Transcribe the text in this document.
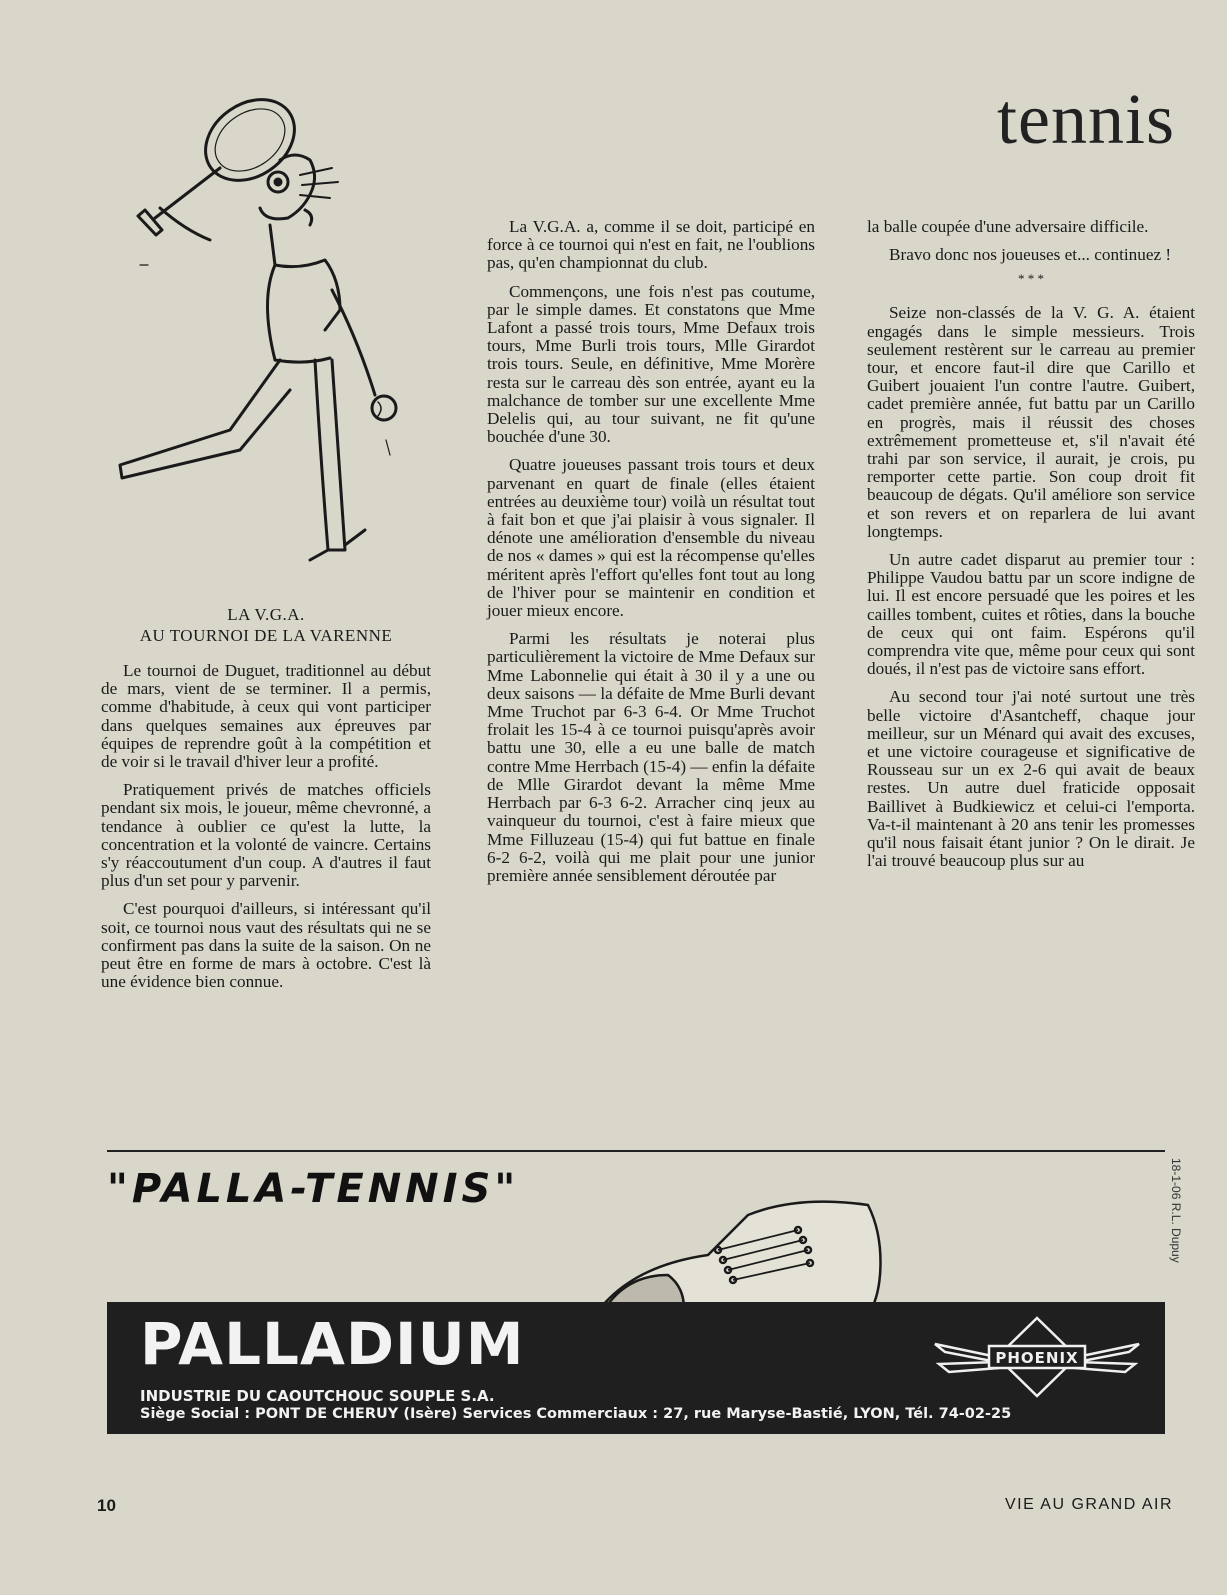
tennis
LA V.G.A.
AU TOURNOI DE LA VARENNE

Le tournoi de Duguet, traditionnel au début de mars, vient de se terminer. Il a permis, comme d'habitude, à ceux qui vont participer dans quelques semaines aux épreuves par équipes de reprendre goût à la compétition et de voir si le travail d'hiver leur a profité.

Pratiquement privés de matches officiels pendant six mois, le joueur, même chevronné, a tendance à oublier ce qu'est la lutte, la concentration et la volonté de vaincre. Certains s'y réaccoutument d'un coup. A d'autres il faut plus d'un set pour y parvenir.

C'est pourquoi d'ailleurs, si intéressant qu'il soit, ce tournoi nous vaut des résultats qui ne se confirment pas dans la suite de la saison. On ne peut être en forme de mars à octobre. C'est là une évidence bien connue.

La V.G.A. a, comme il se doit, participé en force à ce tournoi qui n'est en fait, ne l'oublions pas, qu'en championnat du club.

Commençons, une fois n'est pas coutume, par le simple dames. Et constatons que Mme Lafont a passé trois tours, Mme Defaux trois tours, Mme Burli trois tours, Mlle Girardot trois tours. Seule, en définitive, Mme Morère resta sur le carreau dès son entrée, ayant eu la malchance de tomber sur une excellente Mme Delelis qui, au tour suivant, ne fit qu'une bouchée d'une 30.

Quatre joueuses passant trois tours et deux parvenant en quart de finale (elles étaient entrées au deuxième tour) voilà un résultat tout à fait bon et que j'ai plaisir à vous signaler. Il dénote une amélioration d'ensemble du niveau de nos « dames » qui est la récompense qu'elles méritent après l'effort qu'elles font tout au long de l'hiver pour se maintenir en condition et jouer mieux encore.

Parmi les résultats je noterai plus particulièrement la victoire de Mme Defaux sur Mme Labonnelie qui était à 30 il y a une ou deux saisons — la défaite de Mme Burli devant Mme Truchot par 6-3 6-4. Or Mme Truchot frolait les 15-4 à ce tournoi puisqu'après avoir battu une 30, elle a eu une balle de match contre Mme Herrbach (15-4) — enfin la défaite de Mlle Girardot devant la même Mme Herrbach par 6-3 6-2. Arracher cinq jeux au vainqueur du tournoi, c'est à faire mieux que Mme Filluzeau (15-4) qui fut battue en finale 6-2 6-2, voilà qui me plait pour une junior première année sensiblement déroutée par

la balle coupée d'une adversaire difficile.

Bravo donc nos joueuses et... continuez !

* * *

Seize non-classés de la V. G. A. étaient engagés dans le simple messieurs. Trois seulement restèrent sur le carreau au premier tour, et encore faut-il dire que Carillo et Guibert jouaient l'un contre l'autre. Guibert, cadet première année, fut battu par un Carillo en progrès, mais il réussit des choses extrêmement prometteuse et, s'il n'avait été trahi par son service, il aurait, je crois, pu remporter cette partie. Son coup droit fit beaucoup de dégats. Qu'il améliore son service et son revers et on reparlera de lui avant longtemps.

Un autre cadet disparut au premier tour : Philippe Vaudou battu par un score indigne de lui. Il est encore persuadé que les poires et les cailles tombent, cuites et rôties, dans la bouche de ceux qui ont faim. Espérons qu'il comprendra vite que, même pour ceux qui sont doués, il n'est pas de victoire sans effort.

Au second tour j'ai noté surtout une très belle victoire d'Asantcheff, chaque jour meilleur, sur un Ménard qui avait des excuses, et une victoire courageuse et significative de Rousseau sur un ex 2-6 qui avait de beaux restes. Un autre duel fraticide opposait Baillivet à Budkiewicz et celui-ci l'emporta. Va-t-il maintenant à 20 ans tenir les promesses qu'il nous faisait étant junior ? On le dirait. Je l'ai trouvé beaucoup plus sur au

"PALLA-TENNIS"	18-1-06 R.L. Dupuy
PALLADIUM
INDUSTRIE DU CAOUTCHOUC SOUPLE S.A.
Siège Social : PONT DE CHERUY (Isère) Services Commerciaux : 27, rue Maryse-Bastié, LYON, Tél. 74-02-25
PHOENIX
10	VIE AU GRAND AIR
